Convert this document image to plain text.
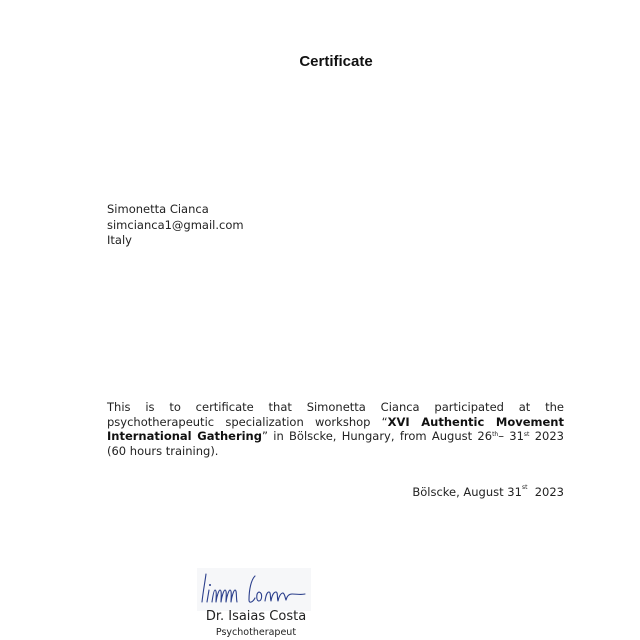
Certificate
Simonetta Cianca
simcianca1@gmail.com
Italy
This is to certificate that Simonetta Cianca participated at the psychotherapeutic specialization workshop “XVI Authentic Movement International Gathering” in Bölscke, Hungary, from August 26th– 31st 2023 (60 hours training).
Bölscke, August 31st  2023
Dr. Isaias Costa
Psychotherapeut
